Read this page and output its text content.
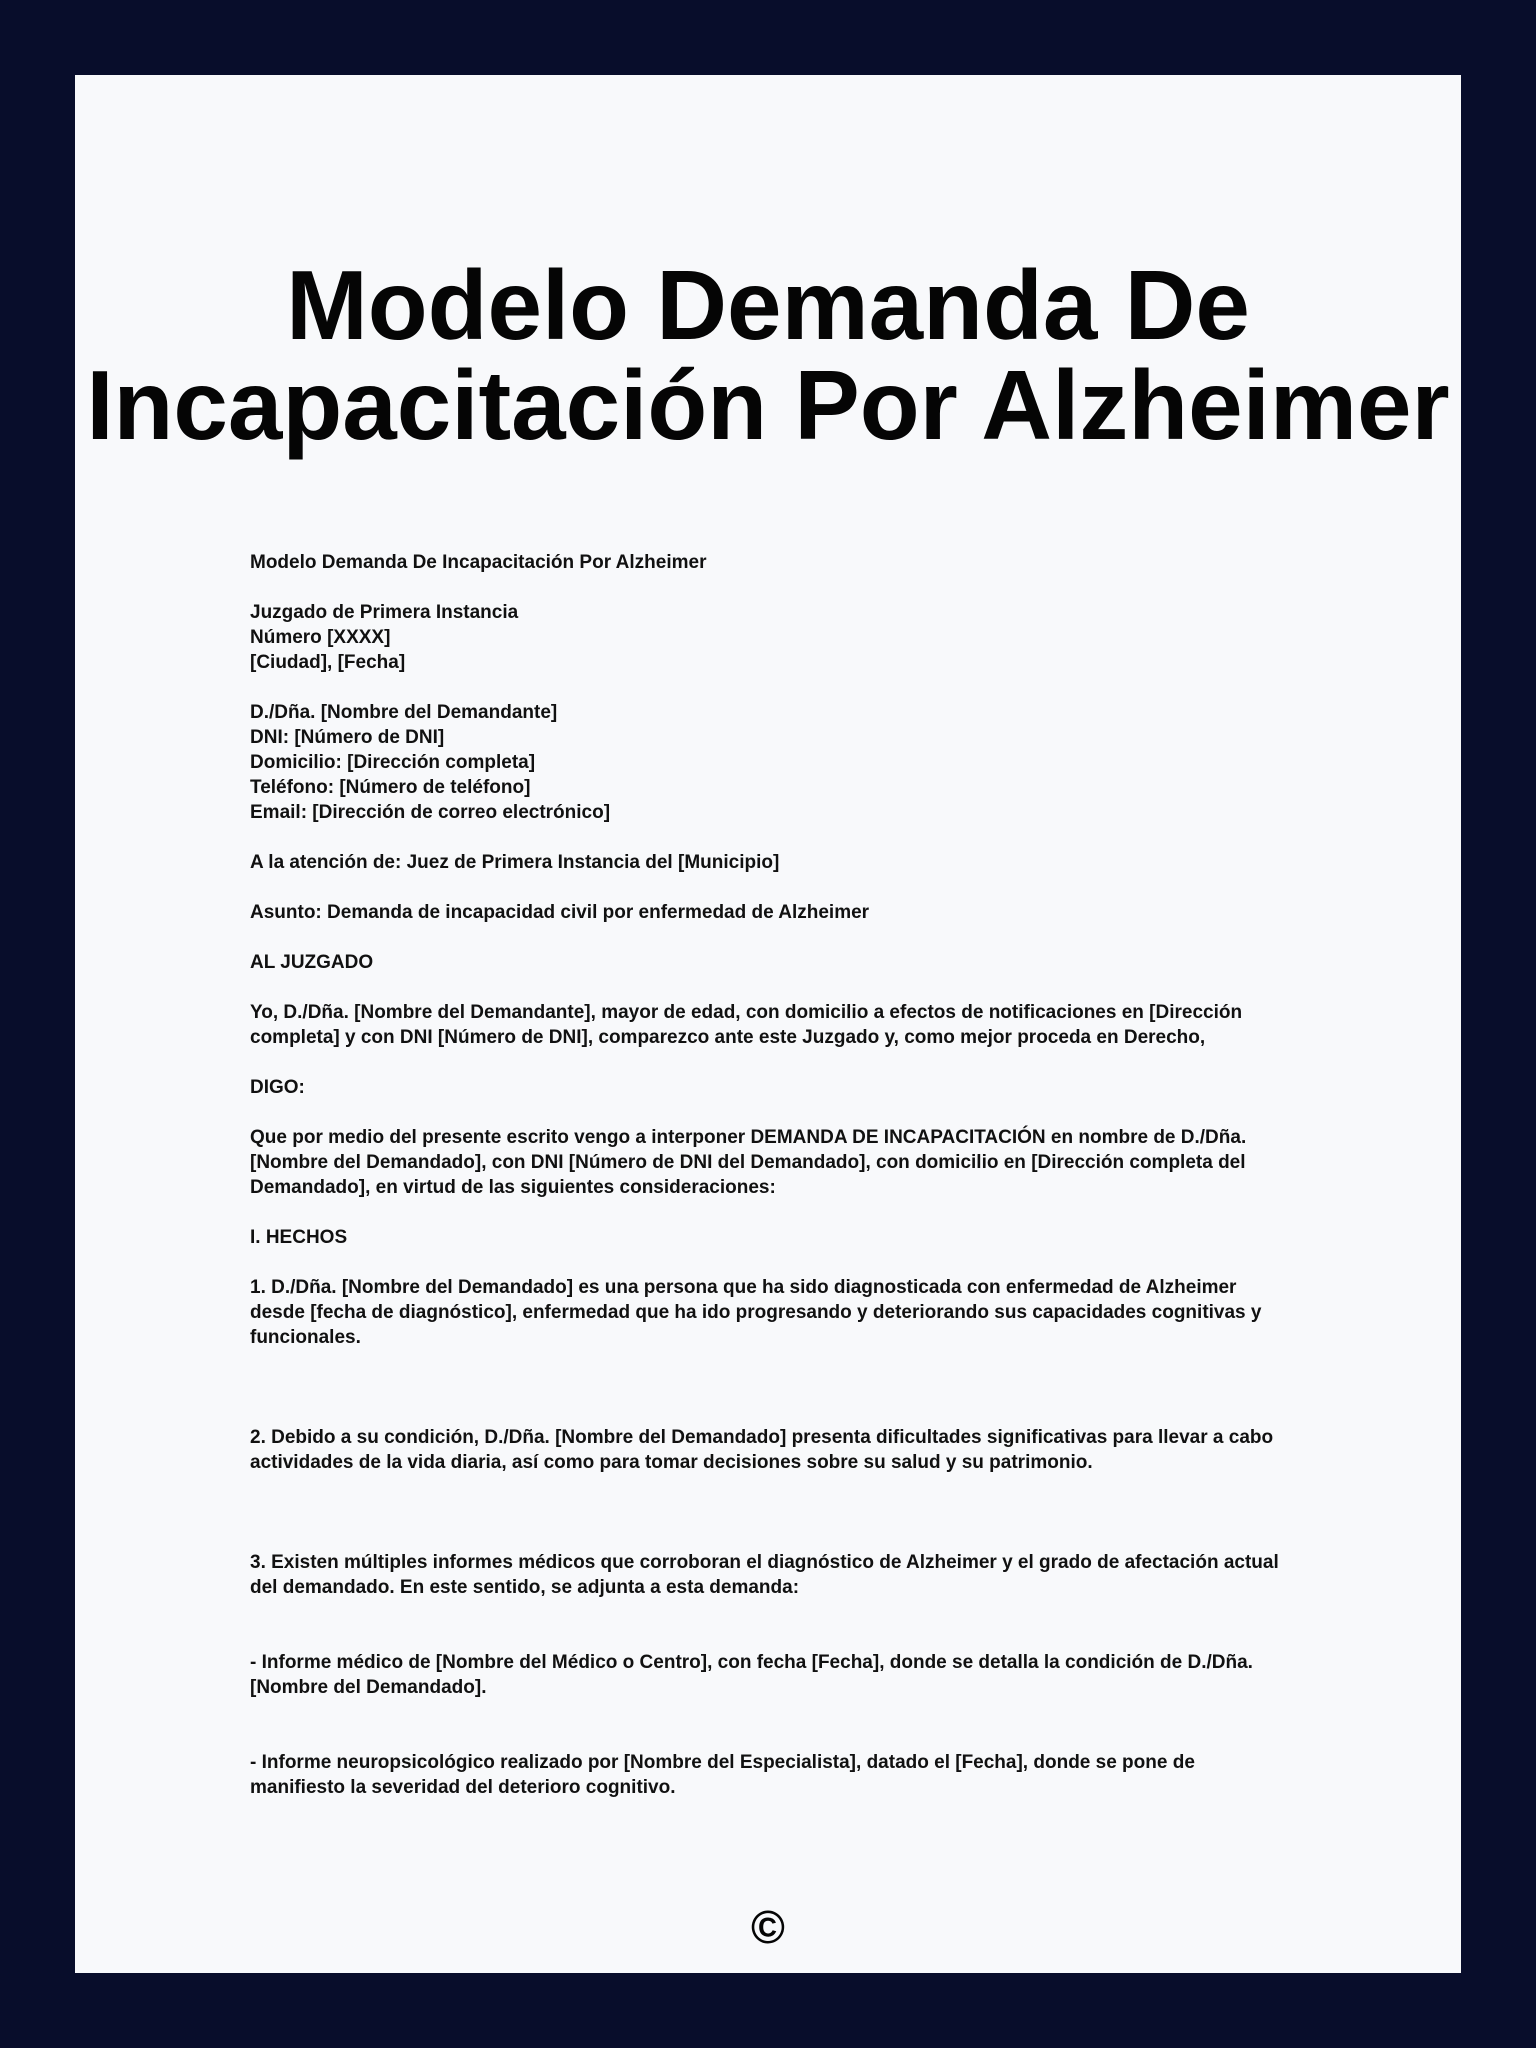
Modelo Demanda De
Incapacitación Por Alzheimer
Modelo Demanda De Incapacitación Por Alzheimer
Juzgado de Primera Instancia
Número [XXXX]
[Ciudad], [Fecha]
D./Dña. [Nombre del Demandante]
DNI: [Número de DNI]
Domicilio: [Dirección completa]
Teléfono: [Número de teléfono]
Email: [Dirección de correo electrónico]
A la atención de: Juez de Primera Instancia del [Municipio]
Asunto: Demanda de incapacidad civil por enfermedad de Alzheimer
AL JUZGADO
Yo, D./Dña. [Nombre del Demandante], mayor de edad, con domicilio a efectos de notificaciones en [Dirección completa] y con DNI [Número de DNI], comparezco ante este Juzgado y, como mejor proceda en Derecho,
DIGO:
Que por medio del presente escrito vengo a interponer DEMANDA DE INCAPACITACIÓN en nombre de D./Dña. [Nombre del Demandado], con DNI [Número de DNI del Demandado], con domicilio en [Dirección completa del Demandado], en virtud de las siguientes consideraciones:
I. HECHOS
1. D./Dña. [Nombre del Demandado] es una persona que ha sido diagnosticada con enfermedad de Alzheimer desde [fecha de diagnóstico], enfermedad que ha ido progresando y deteriorando sus capacidades cognitivas y funcionales.
2. Debido a su condición, D./Dña. [Nombre del Demandado] presenta dificultades significativas para llevar a cabo actividades de la vida diaria, así como para tomar decisiones sobre su salud y su patrimonio.
3. Existen múltiples informes médicos que corroboran el diagnóstico de Alzheimer y el grado de afectación actual del demandado. En este sentido, se adjunta a esta demanda:
- Informe médico de [Nombre del Médico o Centro], con fecha [Fecha], donde se detalla la condición de D./Dña. [Nombre del Demandado].
- Informe neuropsicológico realizado por [Nombre del Especialista], datado el [Fecha], donde se pone de manifiesto la severidad del deterioro cognitivo.
©
